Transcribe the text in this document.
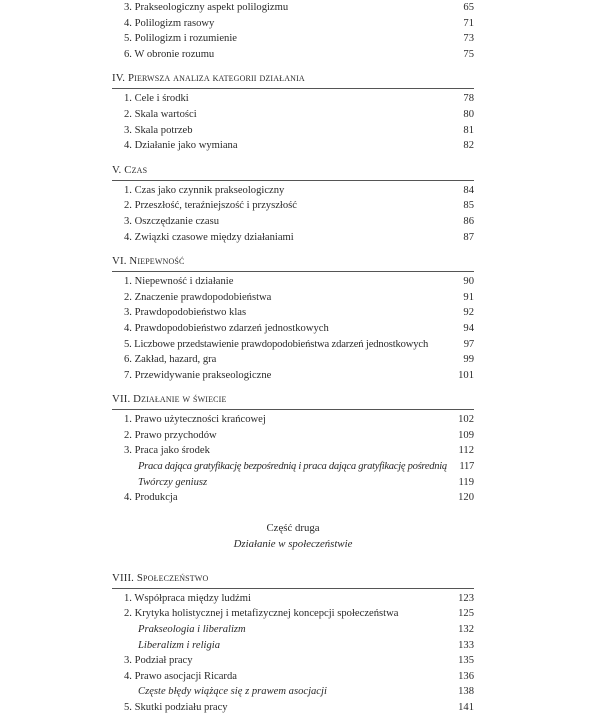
3. Prakseologiczny aspekt polilogizmu	65
4. Polilogizm rasowy	71
5. Polilogizm i rozumienie	73
6. W obronie rozumu	75
IV. Pierwsza analiza kategorii działania
1. Cele i środki	78
2. Skala wartości	80
3. Skala potrzeb	81
4. Działanie jako wymiana	82
V. Czas
1. Czas jako czynnik prakseologiczny	84
2. Przeszłość, teraźniejszość i przyszłość	85
3. Oszczędzanie czasu	86
4. Związki czasowe między działaniami	87
VI. Niepewność
1. Niepewność i działanie	90
2. Znaczenie prawdopodobieństwa	91
3. Prawdopodobieństwo klas	92
4. Prawdopodobieństwo zdarzeń jednostkowych	94
5. Liczbowe przedstawienie prawdopodobieństwa zdarzeń jednostkowych	97
6. Zakład, hazard, gra	99
7. Przewidywanie prakseologiczne	101
VII. Działanie w świecie
1. Prawo użyteczności krańcowej	102
2. Prawo przychodów	109
3. Praca jako środek	112
Praca dająca gratyfikację bezpośrednią i praca dająca gratyfikację pośrednią 117
Twórczy geniusz	119
4. Produkcja	120
Część druga
Działanie w społeczeństwie
VIII. Społeczeństwo
1. Współpraca między ludźmi	123
2. Krytyka holistycznej i metafizycznej koncepcji społeczeństwa	125
Prakseologia i liberalizm	132
Liberalizm i religia	133
3. Podział pracy	135
4. Prawo asocjacji Ricarda	136
Częste błędy wiążące się z prawem asocjacji	138
5. Skutki podziału pracy	141
